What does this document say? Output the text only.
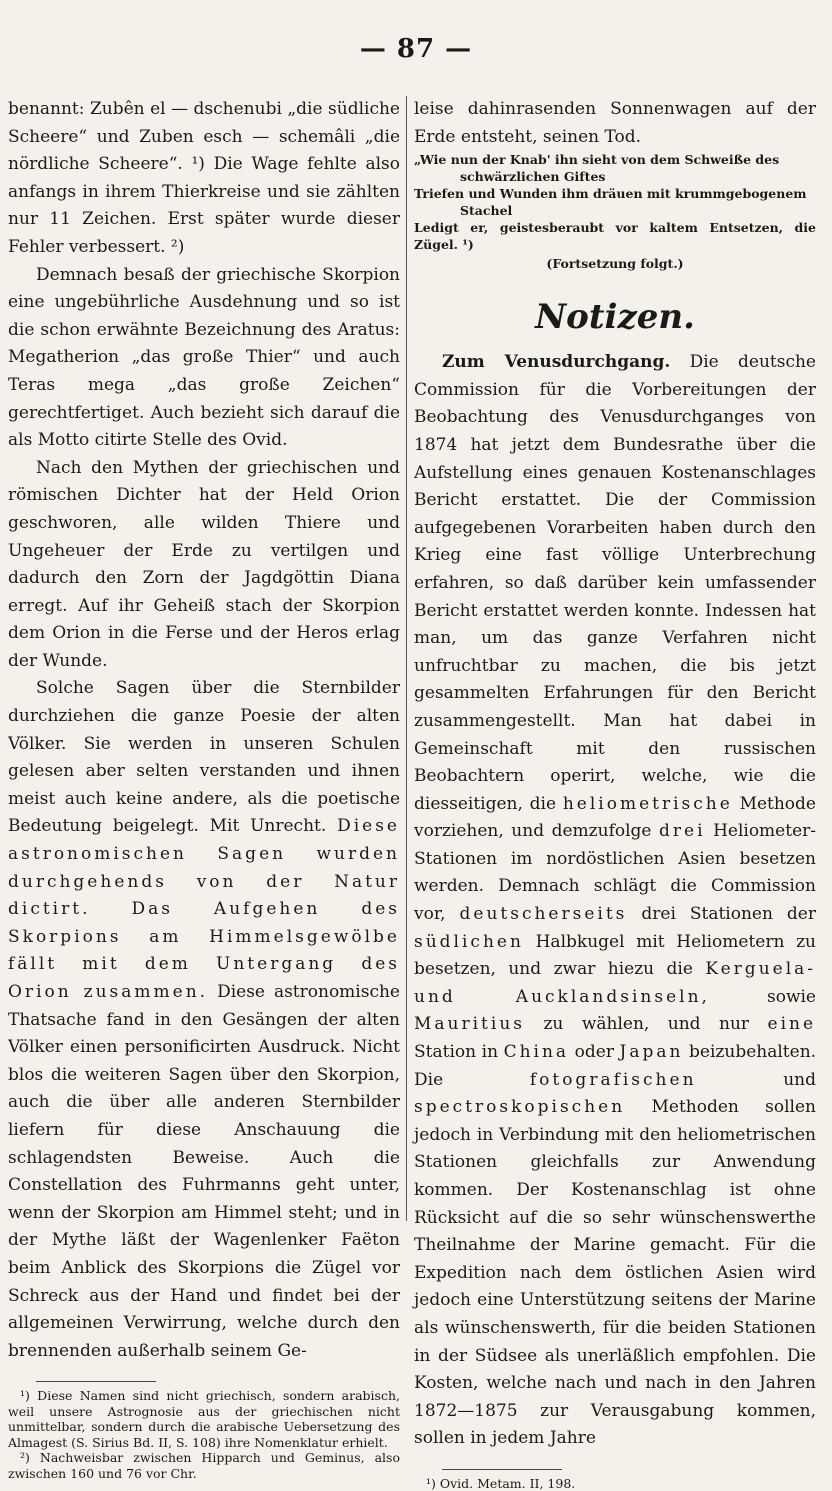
— 87 —

benannt: Zubên el — dschenubi „die südliche Scheere“ und Zuben esch — schemâli „die nördliche Scheere“. ¹) Die Wage fehlte also anfangs in ihrem Thierkreise und sie zählten nur 11 Zeichen. Erst später wurde dieser Fehler verbessert. ²)

Demnach besaß der griechische Skorpion eine ungebührliche Ausdehnung und so ist die schon erwähnte Bezeichnung des Aratus: Megatherion „das große Thier“ und auch Teras mega „das große Zeichen“ gerechtfertiget. Auch bezieht sich darauf die als Motto citirte Stelle des Ovid.

Nach den Mythen der griechischen und römischen Dichter hat der Held Orion geschworen, alle wilden Thiere und Ungeheuer der Erde zu vertilgen und dadurch den Zorn der Jagdgöttin Diana erregt. Auf ihr Geheiß stach der Skorpion dem Orion in die Ferse und der Heros erlag der Wunde.

Solche Sagen über die Sternbilder durchziehen die ganze Poesie der alten Völker. Sie werden in unseren Schulen gelesen aber selten verstanden und ihnen meist auch keine andere, als die poetische Bedeutung beigelegt. Mit Unrecht. Diese astronomischen Sagen wurden durchgehends von der Natur dictirt. Das Aufgehen des Skorpions am Himmelsgewölbe fällt mit dem Untergang des Orion zusammen. Diese astronomische Thatsache fand in den Gesängen der alten Völker einen personificirten Ausdruck. Nicht blos die weiteren Sagen über den Skorpion, auch die über alle anderen Sternbilder liefern für diese Anschauung die schlagendsten Beweise. Auch die Constellation des Fuhrmanns geht unter, wenn der Skorpion am Himmel steht; und in der Mythe läßt der Wagenlenker Faëton beim Anblick des Skorpions die Zügel vor Schreck aus der Hand und findet bei der allgemeinen Verwirrung, welche durch den brennenden außerhalb seinem Ge-

¹) Diese Namen sind nicht griechisch, sondern arabisch, weil unsere Astrognosie aus der griechischen nicht unmittelbar, sondern durch die arabische Uebersetzung des Almagest (S. Sirius Bd. II, S. 108) ihre Nomenklatur erhielt.

²) Nachweisbar zwischen Hipparch und Geminus, also zwischen 160 und 76 vor Chr.

leise dahinrasenden Sonnenwagen auf der Erde entsteht, seinen Tod.

„Wie nun der Knab' ihn sieht von dem Schweiße des

schwärzlichen Giftes

Triefen und Wunden ihm dräuen mit krummgebogenem

Stachel

Ledigt er, geistesberaubt vor kaltem Entsetzen, die Zügel. ¹)

(Fortsetzung folgt.)
Notizen.

Zum Venusdurchgang. Die deutsche Commission für die Vorbereitungen der Beobachtung des Venusdurchganges von 1874 hat jetzt dem Bundesrathe über die Aufstellung eines genauen Kostenanschlages Bericht erstattet. Die der Commission aufgegebenen Vorarbeiten haben durch den Krieg eine fast völlige Unterbrechung erfahren, so daß darüber kein umfassender Bericht erstattet werden konnte. Indessen hat man, um das ganze Verfahren nicht unfruchtbar zu machen, die bis jetzt gesammelten Erfahrungen für den Bericht zusammengestellt. Man hat dabei in Gemeinschaft mit den russischen Beobachtern operirt, welche, wie die diesseitigen, die heliometrische Methode vorziehen, und demzufolge drei Heliometer-Stationen im nordöstlichen Asien besetzen werden. Demnach schlägt die Commission vor, deutscherseits drei Stationen der südlichen Halbkugel mit Heliometern zu besetzen, und zwar hiezu die Kerguela- und Aucklandsinseln,	sowie Mauritius zu wählen, und nur eine Station in China oder Japan beizubehalten. Die	fotografischen	und spectroskopischen Methoden sollen jedoch in Verbindung mit den heliometrischen Stationen gleichfalls zur Anwendung kommen. Der Kostenanschlag ist ohne Rücksicht auf die so sehr wünschenswerthe Theilnahme der Marine gemacht. Für die Expedition nach dem östlichen Asien wird jedoch eine Unterstützung seitens der Marine als wünschenswerth, für die beiden Stationen in der Südsee als unerläßlich empfohlen. Die Kosten, welche nach und nach in den Jahren 1872—1875 zur Verausgabung kommen, sollen in jedem Jahre

¹) Ovid. Metam. II, 198.
